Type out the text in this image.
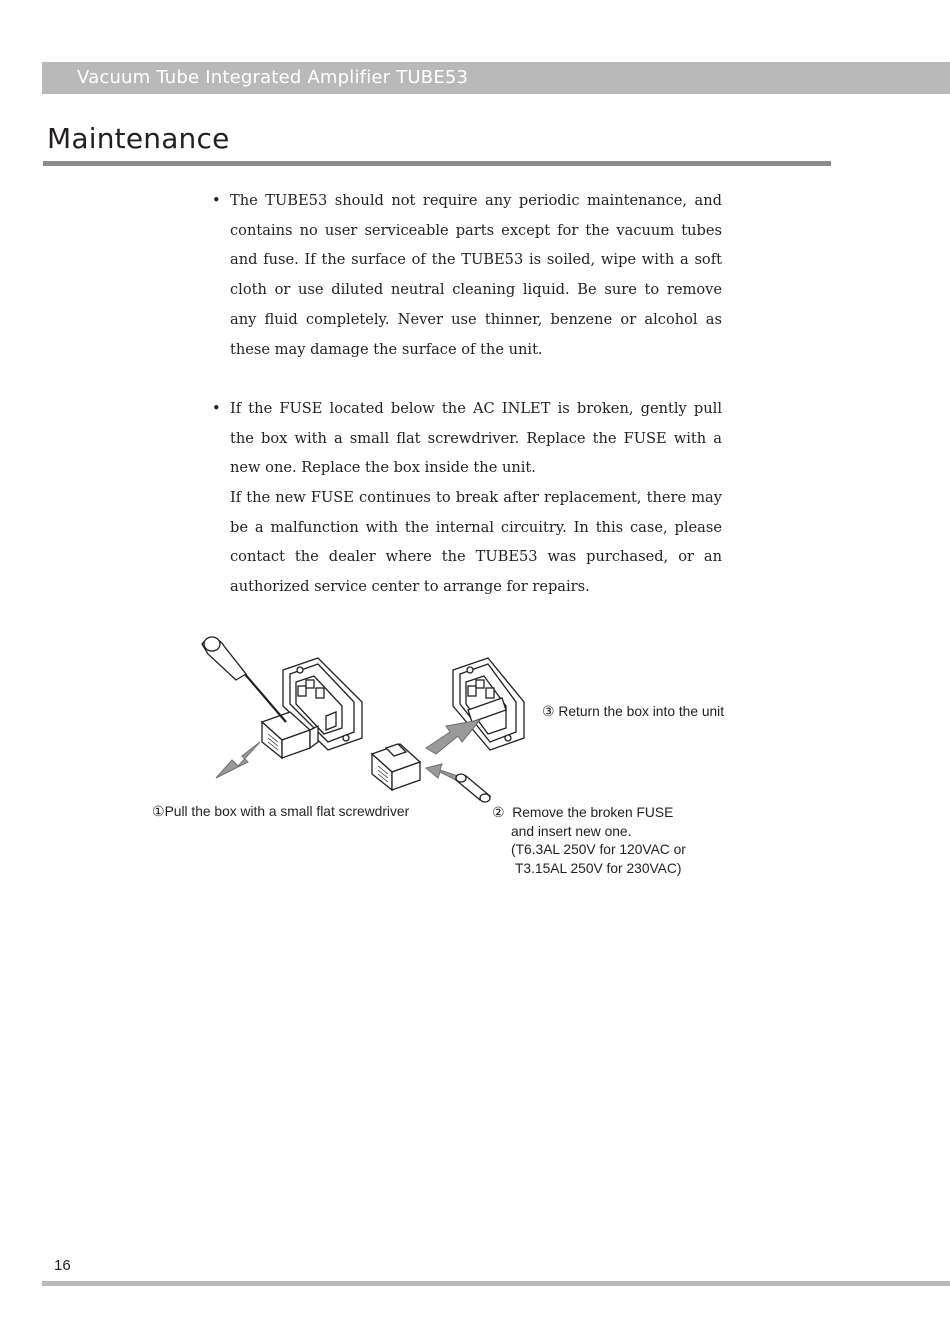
Vacuum Tube Integrated Amplifier TUBE53
Maintenance
• The TUBE53 should not require any periodic maintenance, and contains no user serviceable parts except for the vacuum tubes and fuse. If the surface of the TUBE53 is soiled, wipe with a soft cloth or use diluted neutral cleaning liquid. Be sure to remove any fluid completely. Never use thinner, benzene or alcohol as these may damage the surface of the unit.

• If the FUSE located below the AC INLET is broken, gently pull the box with a small flat screwdriver. Replace the FUSE with a new one. Replace the box inside the unit.

If the new FUSE continues to break after replacement, there may be a malfunction with the internal circuitry. In this case, please contact the dealer where the TUBE53 was purchased, or an authorized service center to arrange for repairs.

①Pull the box with a small flat screwdriver	② Remove the broken FUSE
and insert new one.
(T6.3AL 250V for 120VAC or
T3.15AL 250V for 230VAC)
③ Return the box into the unit
16
